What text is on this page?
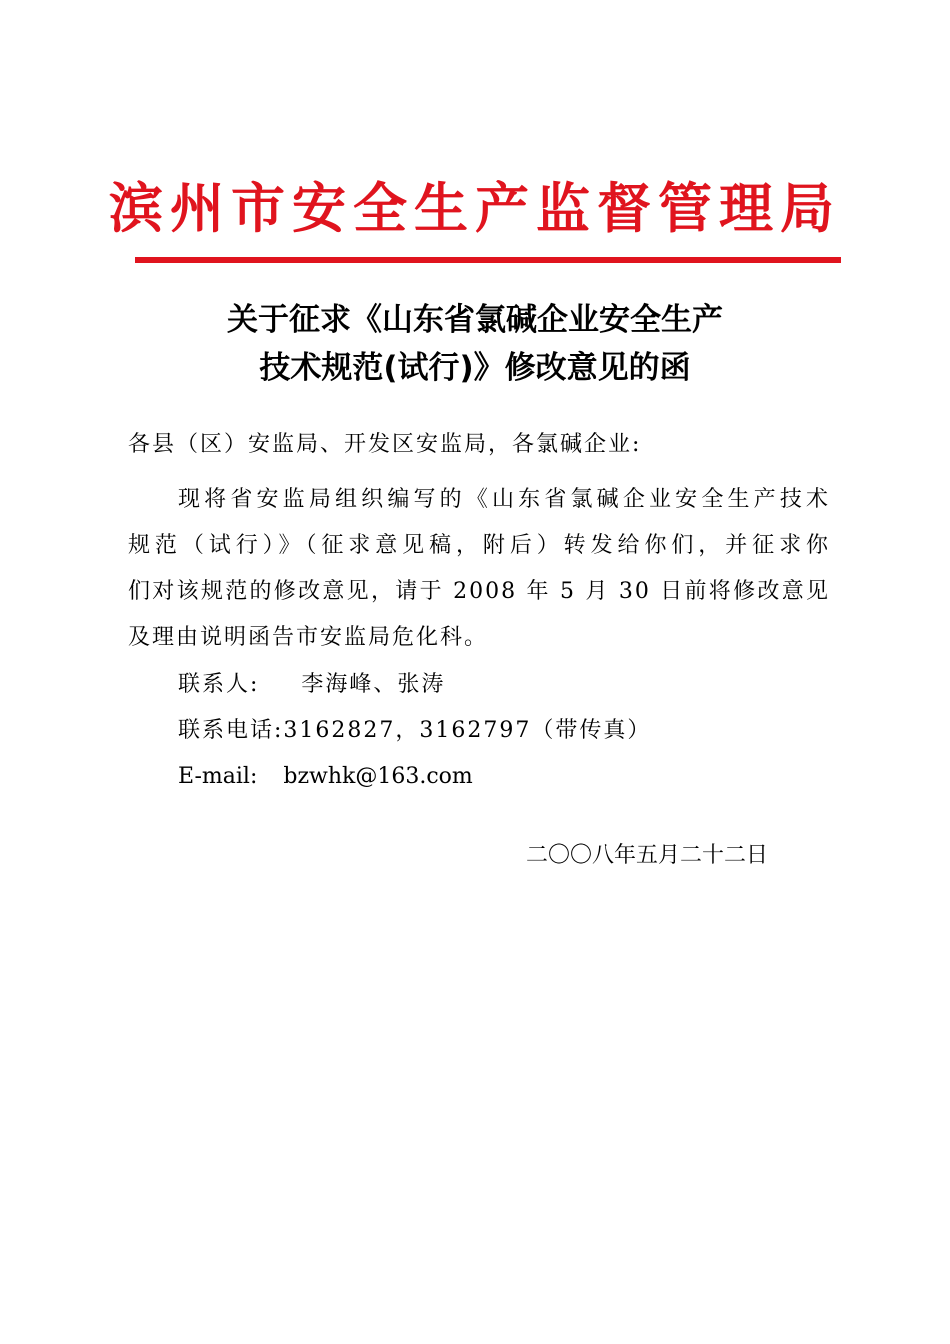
滨州市安全生产监督管理局
关于征求《山东省氯碱企业安全生产
技术规范(试行)》修改意见的函
各县（区）安监局、开发区安监局，各氯碱企业:
现将省安监局组织编写的《山东省氯碱企业安全生产技术
规范（试行）》（征求意见稿，附后）转发给你们，并征求你
们对该规范的修改意见，请于 2008 年 5 月 30 日前将修改意见
及理由说明函告市安监局危化科。
联系人: 李海峰、张涛
联系电话:3162827，3162797（带传真）
E-mail: bzwhk@163.com
二〇〇八年五月二十二日
